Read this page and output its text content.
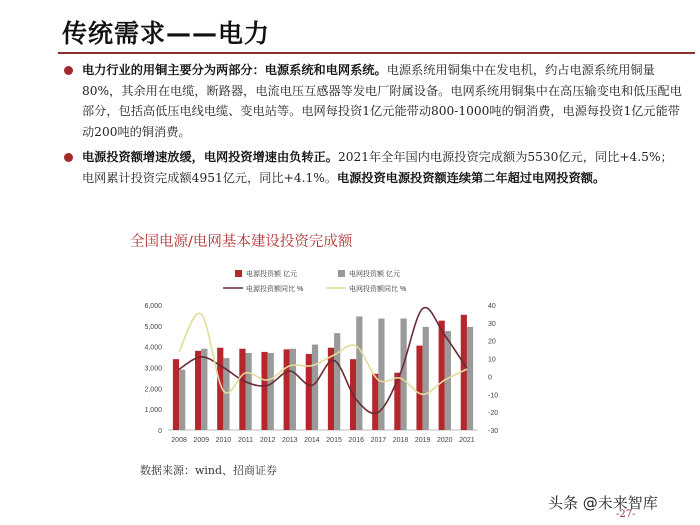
传统需求——电力
电力行业的用铜主要分为两部分：电源系统和电网系统。电源系统用铜集中在发电机，约占电源系统用铜量80%，其余用在电缆，断路器，电流电压互感器等发电厂附属设备。电网系统用铜集中在高压输变电和低压配电部分，包括高低压电线电缆、变电站等。电网每投资1亿元能带动800-1000吨的铜消费，电源每投资1亿元能带动200吨的铜消费。
电源投资额增速放缓，电网投资增速由负转正。2021年全年国内电源投资完成额为5530亿元，同比+4.5%；电网累计投资完成额4951亿元，同比+4.1%。电源投资电源投资额连续第二年超过电网投资额。
全国电源/电网基本建设投资完成额
0
1,000
2,000
3,000
4,000
5,000
6,000
-30
-20
-10
0
10
20
30
40
2008 2009 2010 2011 2012 2013 2014 2015 2016 2017 2018 2019 2020 2021
电源投资额 亿元	电网投资额 亿元
电源投资额同比 %	电网投资额同比 %
数据来源：wind、招商证券
头条 @未来智库
-27-
